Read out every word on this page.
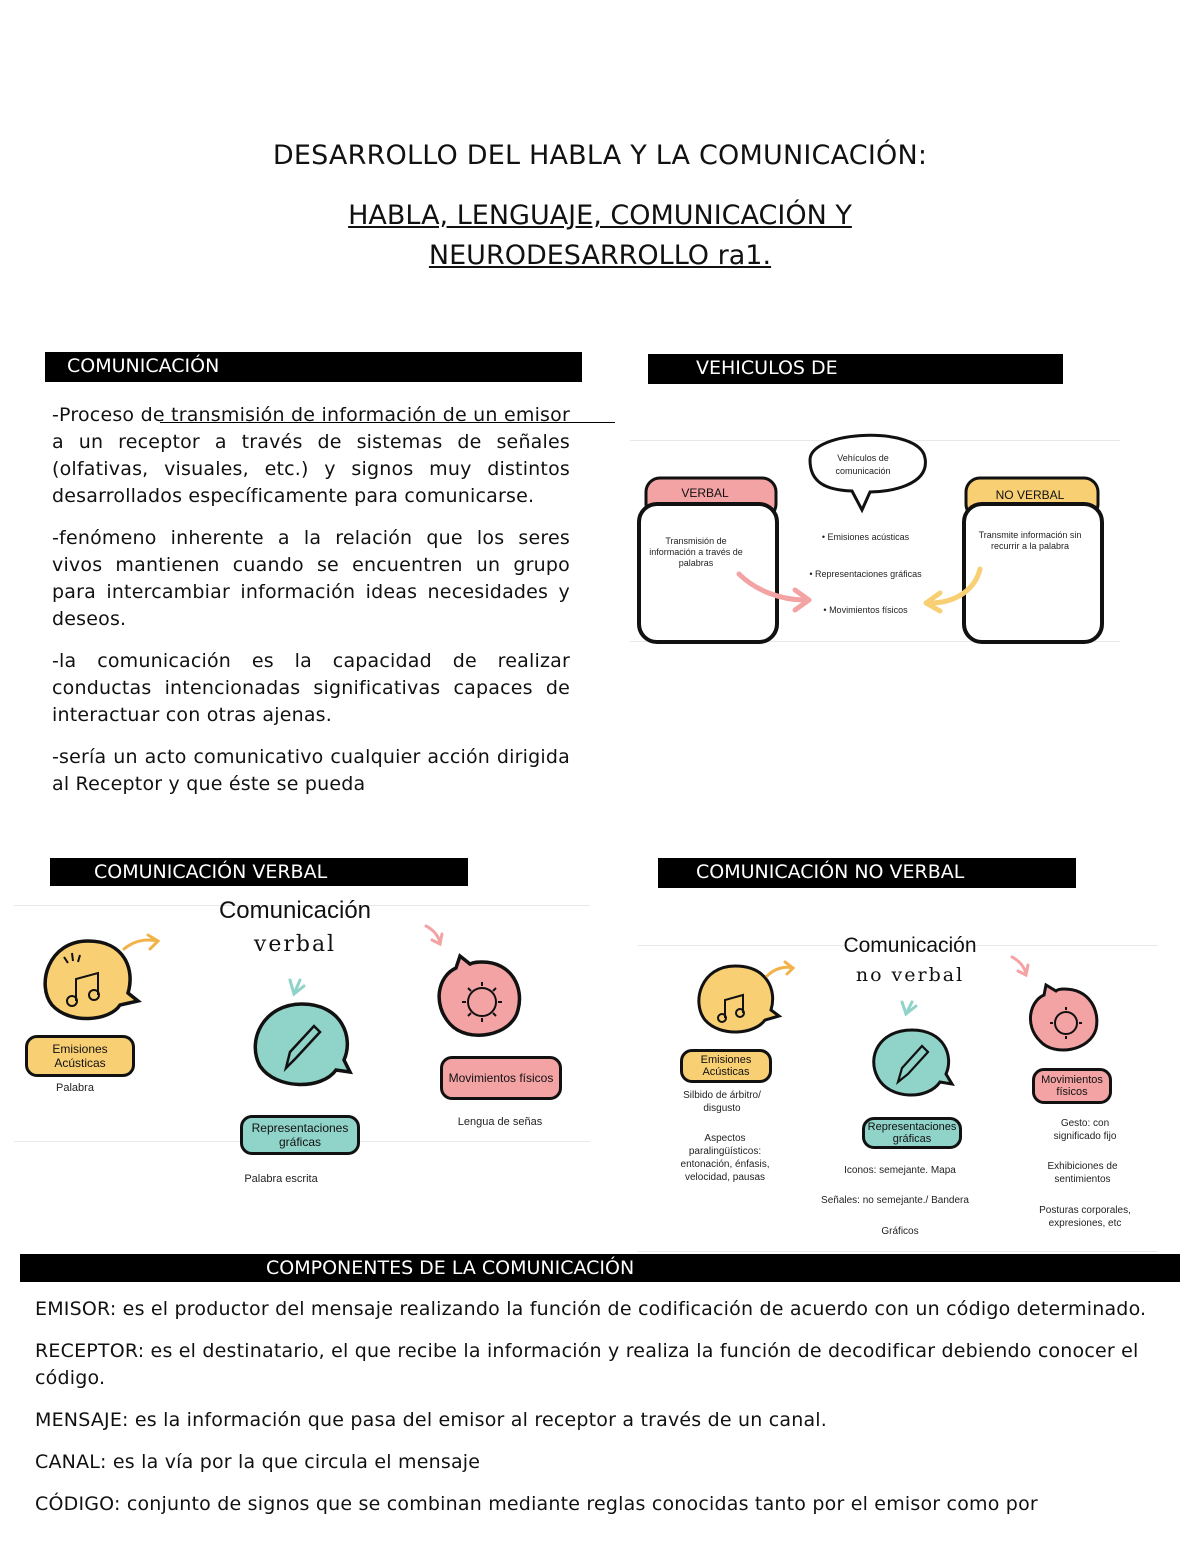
DESARROLLO DEL HABLA Y LA COMUNICACIÓN:
HABLA, LENGUAJE, COMUNICACIÓN Y
NEURODESARROLLO ra1.
COMUNICACIÓN

-Proceso de transmisión de información de un emisor a un receptor a través de sistemas de señales (olfativas, visuales, etc.) y signos muy distintos desarrollados específicamente para comunicarse.

-fenómeno inherente a la relación que los seres vivos mantienen cuando se encuentren un grupo para intercambiar información ideas necesidades y deseos.

-la comunicación es la capacidad de realizar conductas intencionadas significativas capaces de interactuar con otras ajenas.

-sería un acto comunicativo cualquier acción dirigida al Receptor y que éste se pueda

VEHICULOS DE
Vehículos de comunicación
VERBAL
Transmisión de información a través de palabras
NO VERBAL
Transmite información sin recurrir a la palabra
• Emisiones acústicas
• Representaciones gráficas
• Movimientos físicos
COMUNICACIÓN VERBAL
Comunicación
verbal
Emisiones Acústicas
Palabra
Representaciones gráficas
Palabra escrita
Movimientos físicos
Lengua de señas
COMUNICACIÓN NO VERBAL
Comunicación
no verbal
Emisiones Acústicas
Silbido de árbitro/ disgusto
Aspectos paralingüísticos: entonación, énfasis, velocidad, pausas
Representaciones gráficas
Iconos: semejante. Mapa
Señales: no semejante./ Bandera
Gráficos
Movimientos físicos
Gesto: con significado fijo
Exhibiciones de sentimientos
Posturas corporales, expresiones, etc
COMPONENTES DE LA COMUNICACIÓN

EMISOR: es el productor del mensaje realizando la función de codificación de acuerdo con un código determinado.

RECEPTOR: es el destinatario, el que recibe la información y realiza la función de decodificar debiendo conocer el código.

MENSAJE: es la información que pasa del emisor al receptor a través de un canal.

CANAL: es la vía por la que circula el mensaje

CÓDIGO: conjunto de signos que se combinan mediante reglas conocidas tanto por el emisor como por
